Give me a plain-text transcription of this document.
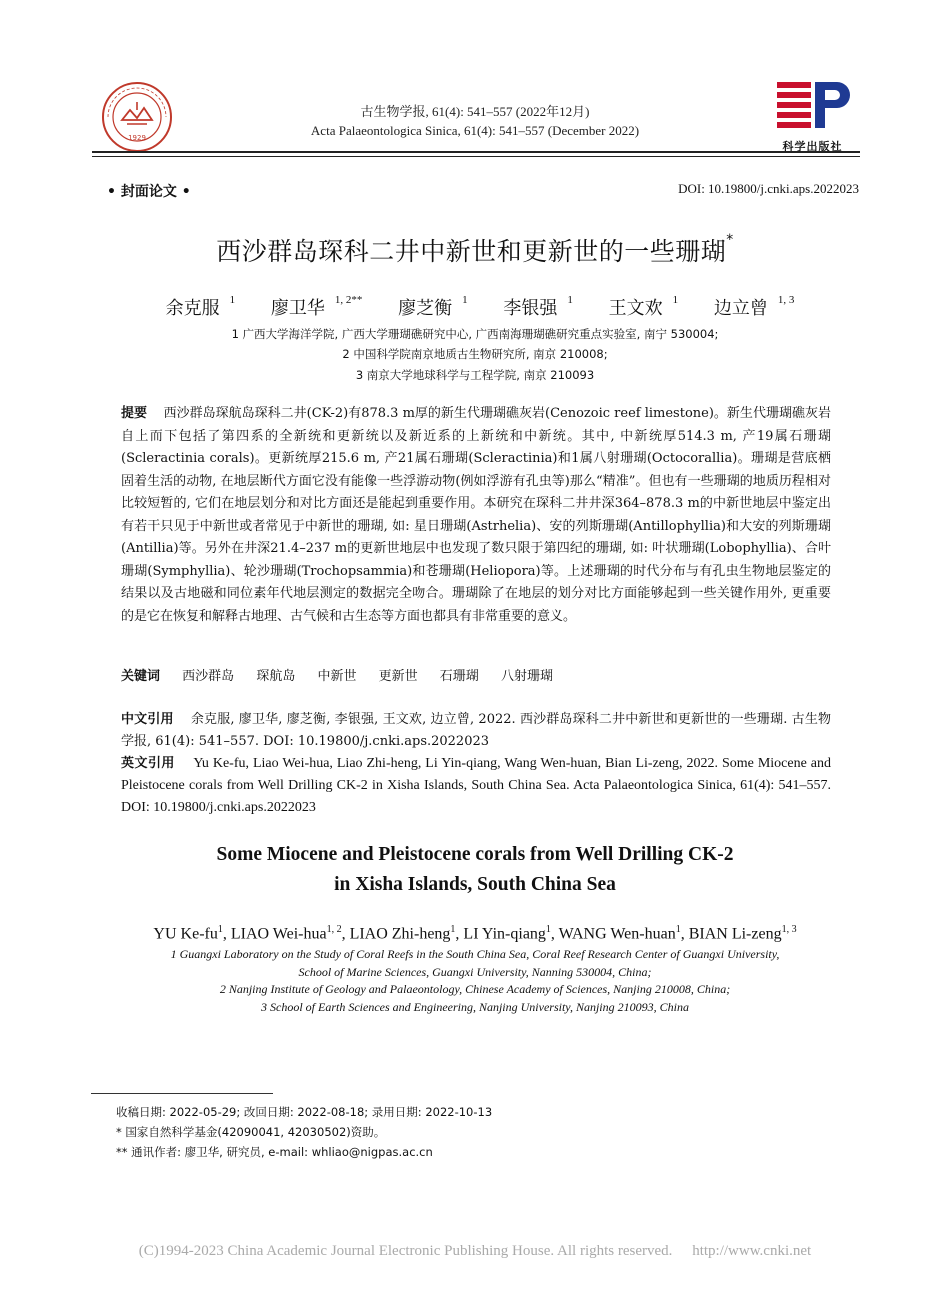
1929
科学出版社
古生物学报, 61(4): 541–557 (2022年12月)
Acta Palaeontologica Sinica, 61(4): 541–557 (December 2022)
• 封面论文 •	DOI: 10.19800/j.cnki.aps.2022023
西沙群岛琛科二井中新世和更新世的一些珊瑚*
余克服 $^1$ 廖卫华 $^{1, 2**}$ 廖芝衡 $^1$ 李银强 $^1$ 王文欢 $^1$ 边立曾 $^{1, 3}$
1 广西大学海洋学院, 广西大学珊瑚礁研究中心, 广西南海珊瑚礁研究重点实验室, 南宁 530004;
2 中国科学院南京地质古生物研究所, 南京 210008;
3 南京大学地球科学与工程学院, 南京 210093
提要 西沙群岛琛航岛琛科二井(CK-2)有878.3 m厚的新生代珊瑚礁灰岩(Cenozoic reef limestone)。新生代珊瑚礁灰岩自上而下包括了第四系的全新统和更新统以及新近系的上新统和中新统。其中, 中新统厚514.3 m, 产19属石珊瑚(Scleractinia corals)。更新统厚215.6 m, 产21属石珊瑚(Scleractinia)和1属八射珊瑚(Octocorallia)。珊瑚是营底栖固着生活的动物, 在地层断代方面它没有能像一些浮游动物(例如浮游有孔虫等)那么“精准”。但也有一些珊瑚的地质历程相对比较短暂的, 它们在地层划分和对比方面还是能起到重要作用。本研究在琛科二井井深364–878.3 m的中新世地层中鉴定出有若干只见于中新世或者常见于中新世的珊瑚, 如: 星日珊瑚(Astrhelia)、安的列斯珊瑚(Antillophyllia)和大安的列斯珊瑚(Antillia)等。另外在井深21.4–237 m的更新世地层中也发现了数只限于第四纪的珊瑚, 如: 叶状珊瑚(Lobophyllia)、合叶珊瑚(Symphyllia)、轮沙珊瑚(Trochopsammia)和苍珊瑚(Heliopora)等。上述珊瑚的时代分布与有孔虫生物地层鉴定的结果以及古地磁和同位素年代地层测定的数据完全吻合。珊瑚除了在地层的划分对比方面能够起到一些关键作用外, 更重要的是它在恢复和解释古地理、古气候和古生态等方面也都具有非常重要的意义。
关键词 西沙群岛 琛航岛 中新世 更新世 石珊瑚 八射珊瑚
中文引用 余克服, 廖卫华, 廖芝衡, 李银强, 王文欢, 边立曾, 2022. 西沙群岛琛科二井中新世和更新世的一些珊瑚. 古生物学报, 61(4): 541–557. DOI: 10.19800/j.cnki.aps.2022023
英文引用 Yu Ke-fu, Liao Wei-hua, Liao Zhi-heng, Li Yin-qiang, Wang Wen-huan, Bian Li-zeng, 2022. Some Miocene and Pleistocene corals from Well Drilling CK-2 in Xisha Islands, South China Sea. Acta Palaeontologica Sinica, 61(4): 541–557. DOI: 10.19800/j.cnki.aps.2022023
Some Miocene and Pleistocene corals from Well Drilling CK-2
in Xisha Islands, South China Sea
YU $Ke-fu^1$, LIAO Wei-hua$^{1, 2}$, LIAO Zhi-heng$^1$, LI Yin-qiang$^1$, WANG Wen-huan$^1$, BIAN Li-zeng$^{1, 3}$
1 Guangxi Laboratory on the Study of Coral Reefs in the South China Sea, Coral Reef Research Center of Guangxi University,
School of Marine Sciences, Guangxi University, Nanning 530004, China;
2 Nanjing Institute of Geology and Palaeontology, Chinese Academy of Sciences, Nanjing 210008, China;
3 School of Earth Sciences and Engineering, Nanjing University, Nanjing 210093, China
收稿日期: 2022-05-29; 改回日期: 2022-08-18; 录用日期: 2022-10-13
* 国家自然科学基金(42090041, 42030502)资助。
** 通讯作者: 廖卫华, 研究员, e-mail: whliao@nigpas.ac.cn
(C)1994-2023 China Academic Journal Electronic Publishing House. All rights reserved. http://www.cnki.net
